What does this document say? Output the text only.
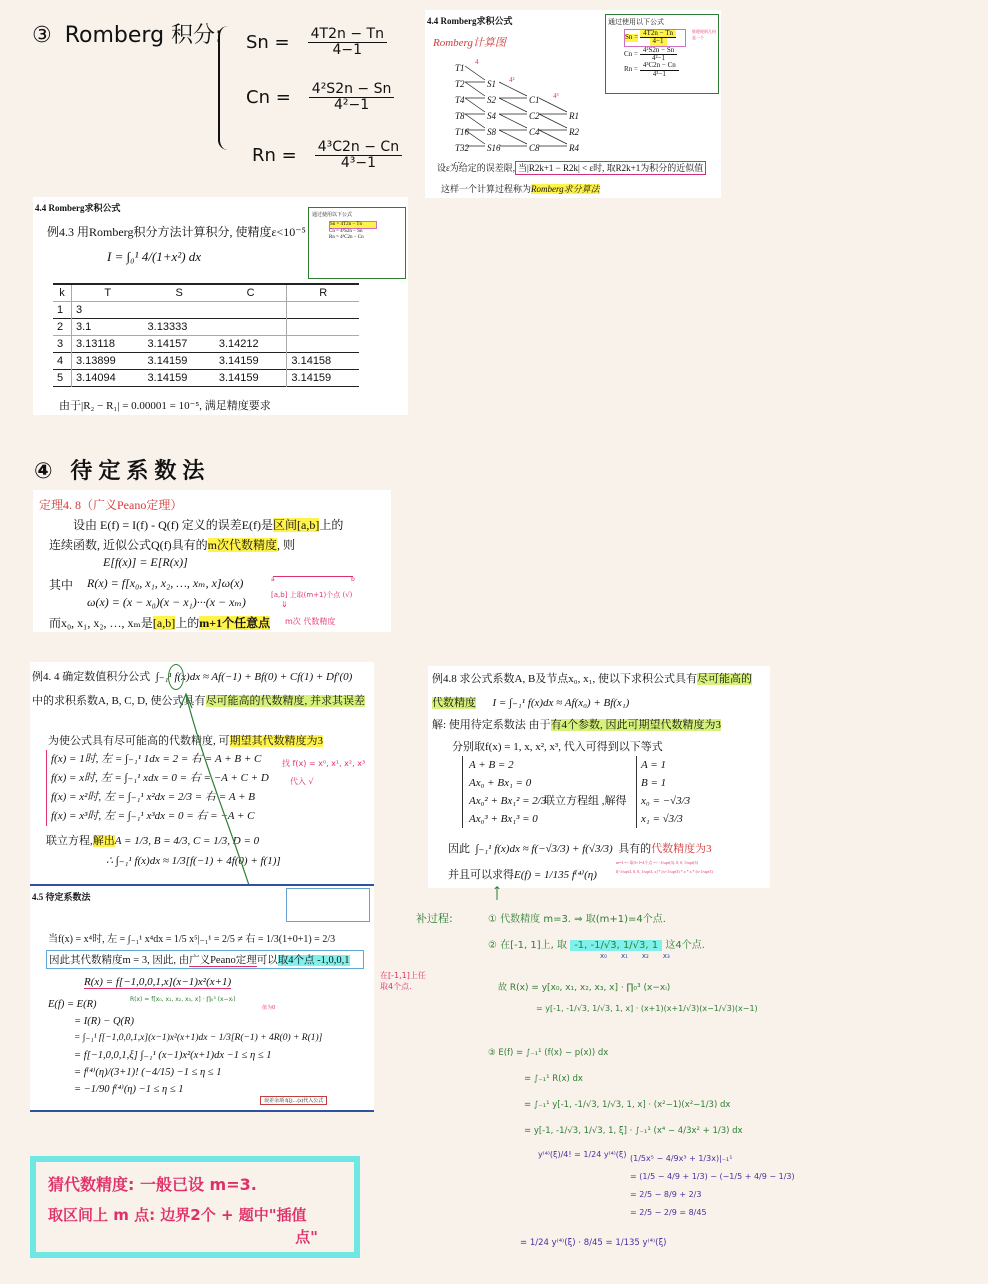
③ Romberg 积分: $Sn = \frac{4T2n - Tn}{4-1}$
$Cn = \frac{\text{4²S2n − Sn}}{\text{4²−1}}$
$Rn = \frac{\text{4³C2n − Cn}}{\text{4³−1}}$
4.4 Romberg求积公式
Romberg计算图
通过使用以下公式
$Sn = \frac{4T2n - Tn}{4-1}$
$Cn = \frac{\text{4²S2n − Sn}}{\text{4²−1}}$
$Rn = \frac{\text{4³C2n − Cn}}{\text{4³−1}}$
推理规则几何是一个
T1
T2
T4
T8
T16
T32
…
S1
S2
S4
S8
S16
C1
C2
C4
C8
R1
R2
R4
4
4²
4³
设ε为给定的误差限, 当|R2k+1 − R2k| < ε时, 取R2k+1为积分的近似值
这样一个计算过程称为Romberg求分算法
4.4 Romberg求积公式
例4.3 用Romberg积分方法计算积分, 使精度ε<10⁻⁵
I = ∫₀¹ 4/(1+x²) dx
通过使用以下公式
Sn = 4T2n − Tn
Cn = 4²S2n − Sn
Rn = 4³C2n − Cn
k	T	S	C	R
1	3			
2	3.1	3.13333		
3	3.13118	3.14157	3.14212	
4	3.13899	3.14159	3.14159	3.14158
5	3.14094	3.14159	3.14159	3.14159
由于|R₂ − R₁| = 0.00001 = 10⁻⁵, 满足精度要求
④ 待定系数法
定理4. 8（广义Peano定理）
设由 E(f) = I(f) - Q(f) 定义的误差E(f)是区间[a,b]上的
连续函数, 近似公式Q(f)具有的m次代数精度, 则
E[f(x)] = E[R(x)]
其中 R(x) = f[x₀, x₁, x₂, …, xₘ, x]ω(x)
ω(x) = (x − x₀)(x − x₁)···(x − xₘ)
而x₀, x₁, x₂, …, xₘ是[a,b]上的m+1个任意点
a	b
[a,b] 上取(m+1)个点 (√)
⇓
m次 代数精度
例4. 4 确定数值积分公式 ∫₋₁¹ f(x)dx ≈ Af(−1) + Bf(0) + Cf(1) + Df′(0)
中的求积系数A, B, C, D, 使公式具有尽可能高的代数精度, 并求其误差
为使公式具有尽可能高的代数精度, 可期望其代数精度为3
f(x) = 1时, 左 = ∫₋₁¹ 1dx = 2 = 右 = A + B + C
f(x) = x时, 左 = ∫₋₁¹ xdx = 0 = 右 = −A + C + D
f(x) = x²时, 左 = ∫₋₁¹ x²dx = 2/3 = 右 = A + B
f(x) = x³时, 左 = ∫₋₁¹ x³dx = 0 = 右 = −A + C
联立方程,解出A = 1/3, B = 4/3, C = 1/3, D = 0
∴ ∫₋₁¹ f(x)dx ≈ 1/3[f(−1) + 4f(0) + f(1)]
找 f(x) = x⁰, x¹, x², x³
代入 √
4.5 待定系数法
当f(x) = x⁴时, 左 = ∫₋₁¹ x⁴dx = 1/5 x⁵|₋₁¹ = 2/5 ≠ 右 = 1/3(1+0+1) = 2/3
因此其代数精度m = 3, 因此, 由广义Peano定理可以取4个点 -1,0,0,1
R(x) = f[−1,0,0,1,x](x−1)x²(x+1)
R(x) = f[x₀, x₁, x₂, x₃, x] · ∏₀³ (x−xᵢ)
E(f) = E(R)
= I(R) − Q(R)
= ∫₋₁¹ f[−1,0,0,1,x](x−1)x²(x+1)dx − 1/3[R(−1) + 4R(0) + R(1)]
= f[−1,0,0,1,ξ] ∫₋₁¹ (x−1)x²(x+1)dx −1 ≤ η ≤ 1
= f⁽⁴⁾(η)/(3+1)! (−4/15) −1 ≤ η ≤ 1
= −1/90 f⁽⁴⁾(η) −1 ≤ η ≤ 1
值为0
误差余项 f(ξ)…(x)代入公式
在[-1,1]上任取4个点.
例4.8 求公式系数A, B及节点x₀, x₁, 使以下求积公式具有尽可能高的
代数精度 I = ∫₋₁¹ f(x)dx ≈ Af(x₀) + Bf(x₁)
解: 使用待定系数法 由于有4个参数, 因此可期望代数精度为3
分别取f(x) = 1, x, x², x³, 代入可得到以下等式
A + B = 2
Ax₀ + Bx₁ = 0
Ax₀² + Bx₁² = 2/3
Ax₀³ + Bx₁³ = 0
联立方程组 ,解得
A = 1
B = 1
x₀ = −√3/3
x₁ = √3/3
因此 ∫₋₁¹ f(x)dx ≈ f(−√3/3) + f(√3/3) 具有的代数精度为3
并且可以求得E(f) = 1/135 f⁽⁴⁾(η)
m=3 => 取3+1=4个点 => -1/sqrt(3), 0, 0, 1/sqrt(3)
f[-1/sqrt3, 0, 0, 1/sqrt3, x] * (x+1/sqrt3) * x * x * (x-1/sqrt3)
↑
补过程:	① 代数精度 m=3. ⇒ 取(m+1)=4个点.
② 在[-1, 1]上, 取 -1, -1/√3, 1/√3, 1 这4个点.
x₀ x₁ x₂ x₃
故 R(x) = y[x₀, x₁, x₂, x₃, x] · ∏₀³ (x−xᵢ)
= y[-1, -1/√3, 1/√3, 1, x] · (x+1)(x+1/√3)(x−1/√3)(x−1)
③ E(f) = ∫₋₁¹ (f(x) − p(x)) dx
= ∫₋₁¹ R(x) dx
= ∫₋₁¹ y[-1, -1/√3, 1/√3, 1, x] · (x²−1)(x²−1/3) dx
= y[-1, -1/√3, 1/√3, 1, ξ] · ∫₋₁¹ (x⁴ − 4/3x² + 1/3) dx
y⁽⁴⁾(ξ)/4! = 1/24 y⁽⁴⁾(ξ) (1/5x⁵ − 4/9x³ + 1/3x)|₋₁¹
= (1/5 − 4/9 + 1/3) − (−1/5 + 4/9 − 1/3)
= 2/5 − 8/9 + 2/3
= 2/5 − 2/9 = 8/45
= 1/24 y⁽⁴⁾(ξ) · 8/45 = 1/135 y⁽⁴⁾(ξ)
猜代数精度: 一般已设 m=3.
取区间上 m 点: 边界2个 + 题中"插值
点"
